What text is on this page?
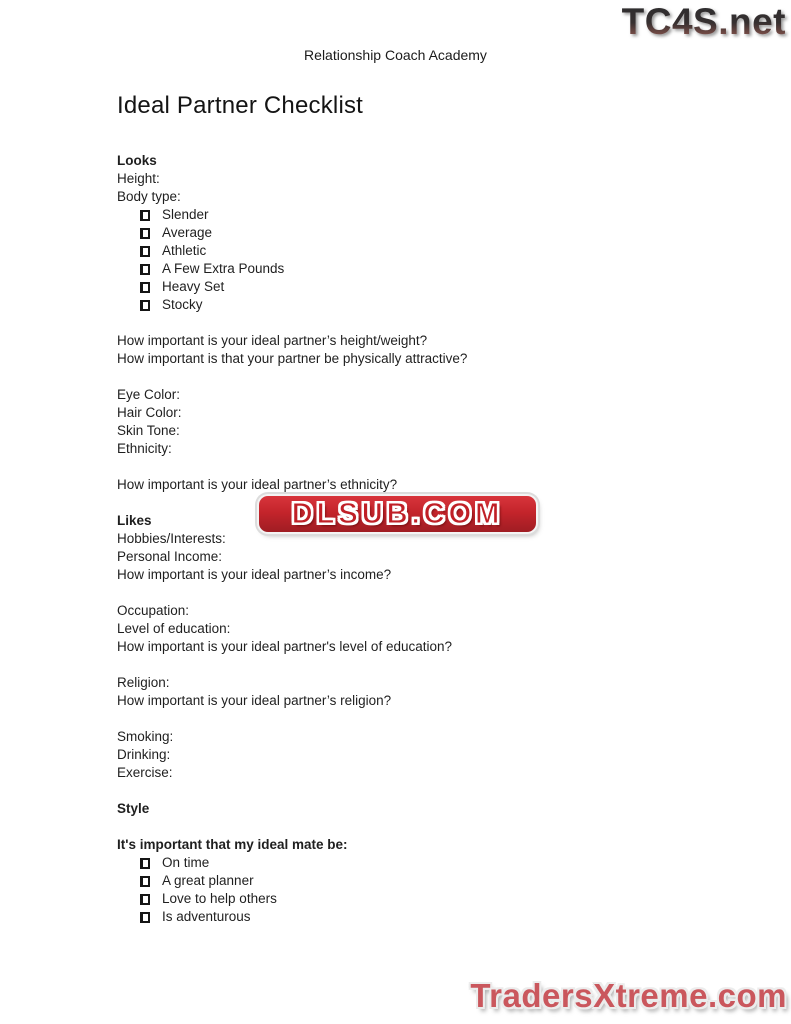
TC4S.net
Relationship Coach Academy
Ideal Partner Checklist
Looks
Height:
Body type:
Slender
Average
Athletic
A Few Extra Pounds
Heavy Set
Stocky
How important is your ideal partner’s height/weight?
How important is that your partner be physically attractive?
Eye Color:
Hair Color:
Skin Tone:
Ethnicity:
How important is your ideal partner’s ethnicity?
Likes
Hobbies/Interests:
Personal Income:
How important is your ideal partner’s income?
Occupation:
Level of education:
How important is your ideal partner's level of education?
Religion:
How important is your ideal partner’s religion?
Smoking:
Drinking:
Exercise:
Style
It's important that my ideal mate be:
On time
A great planner
Love to help others
Is adventurous
DLSUB.COM
TradersXtreme.com
